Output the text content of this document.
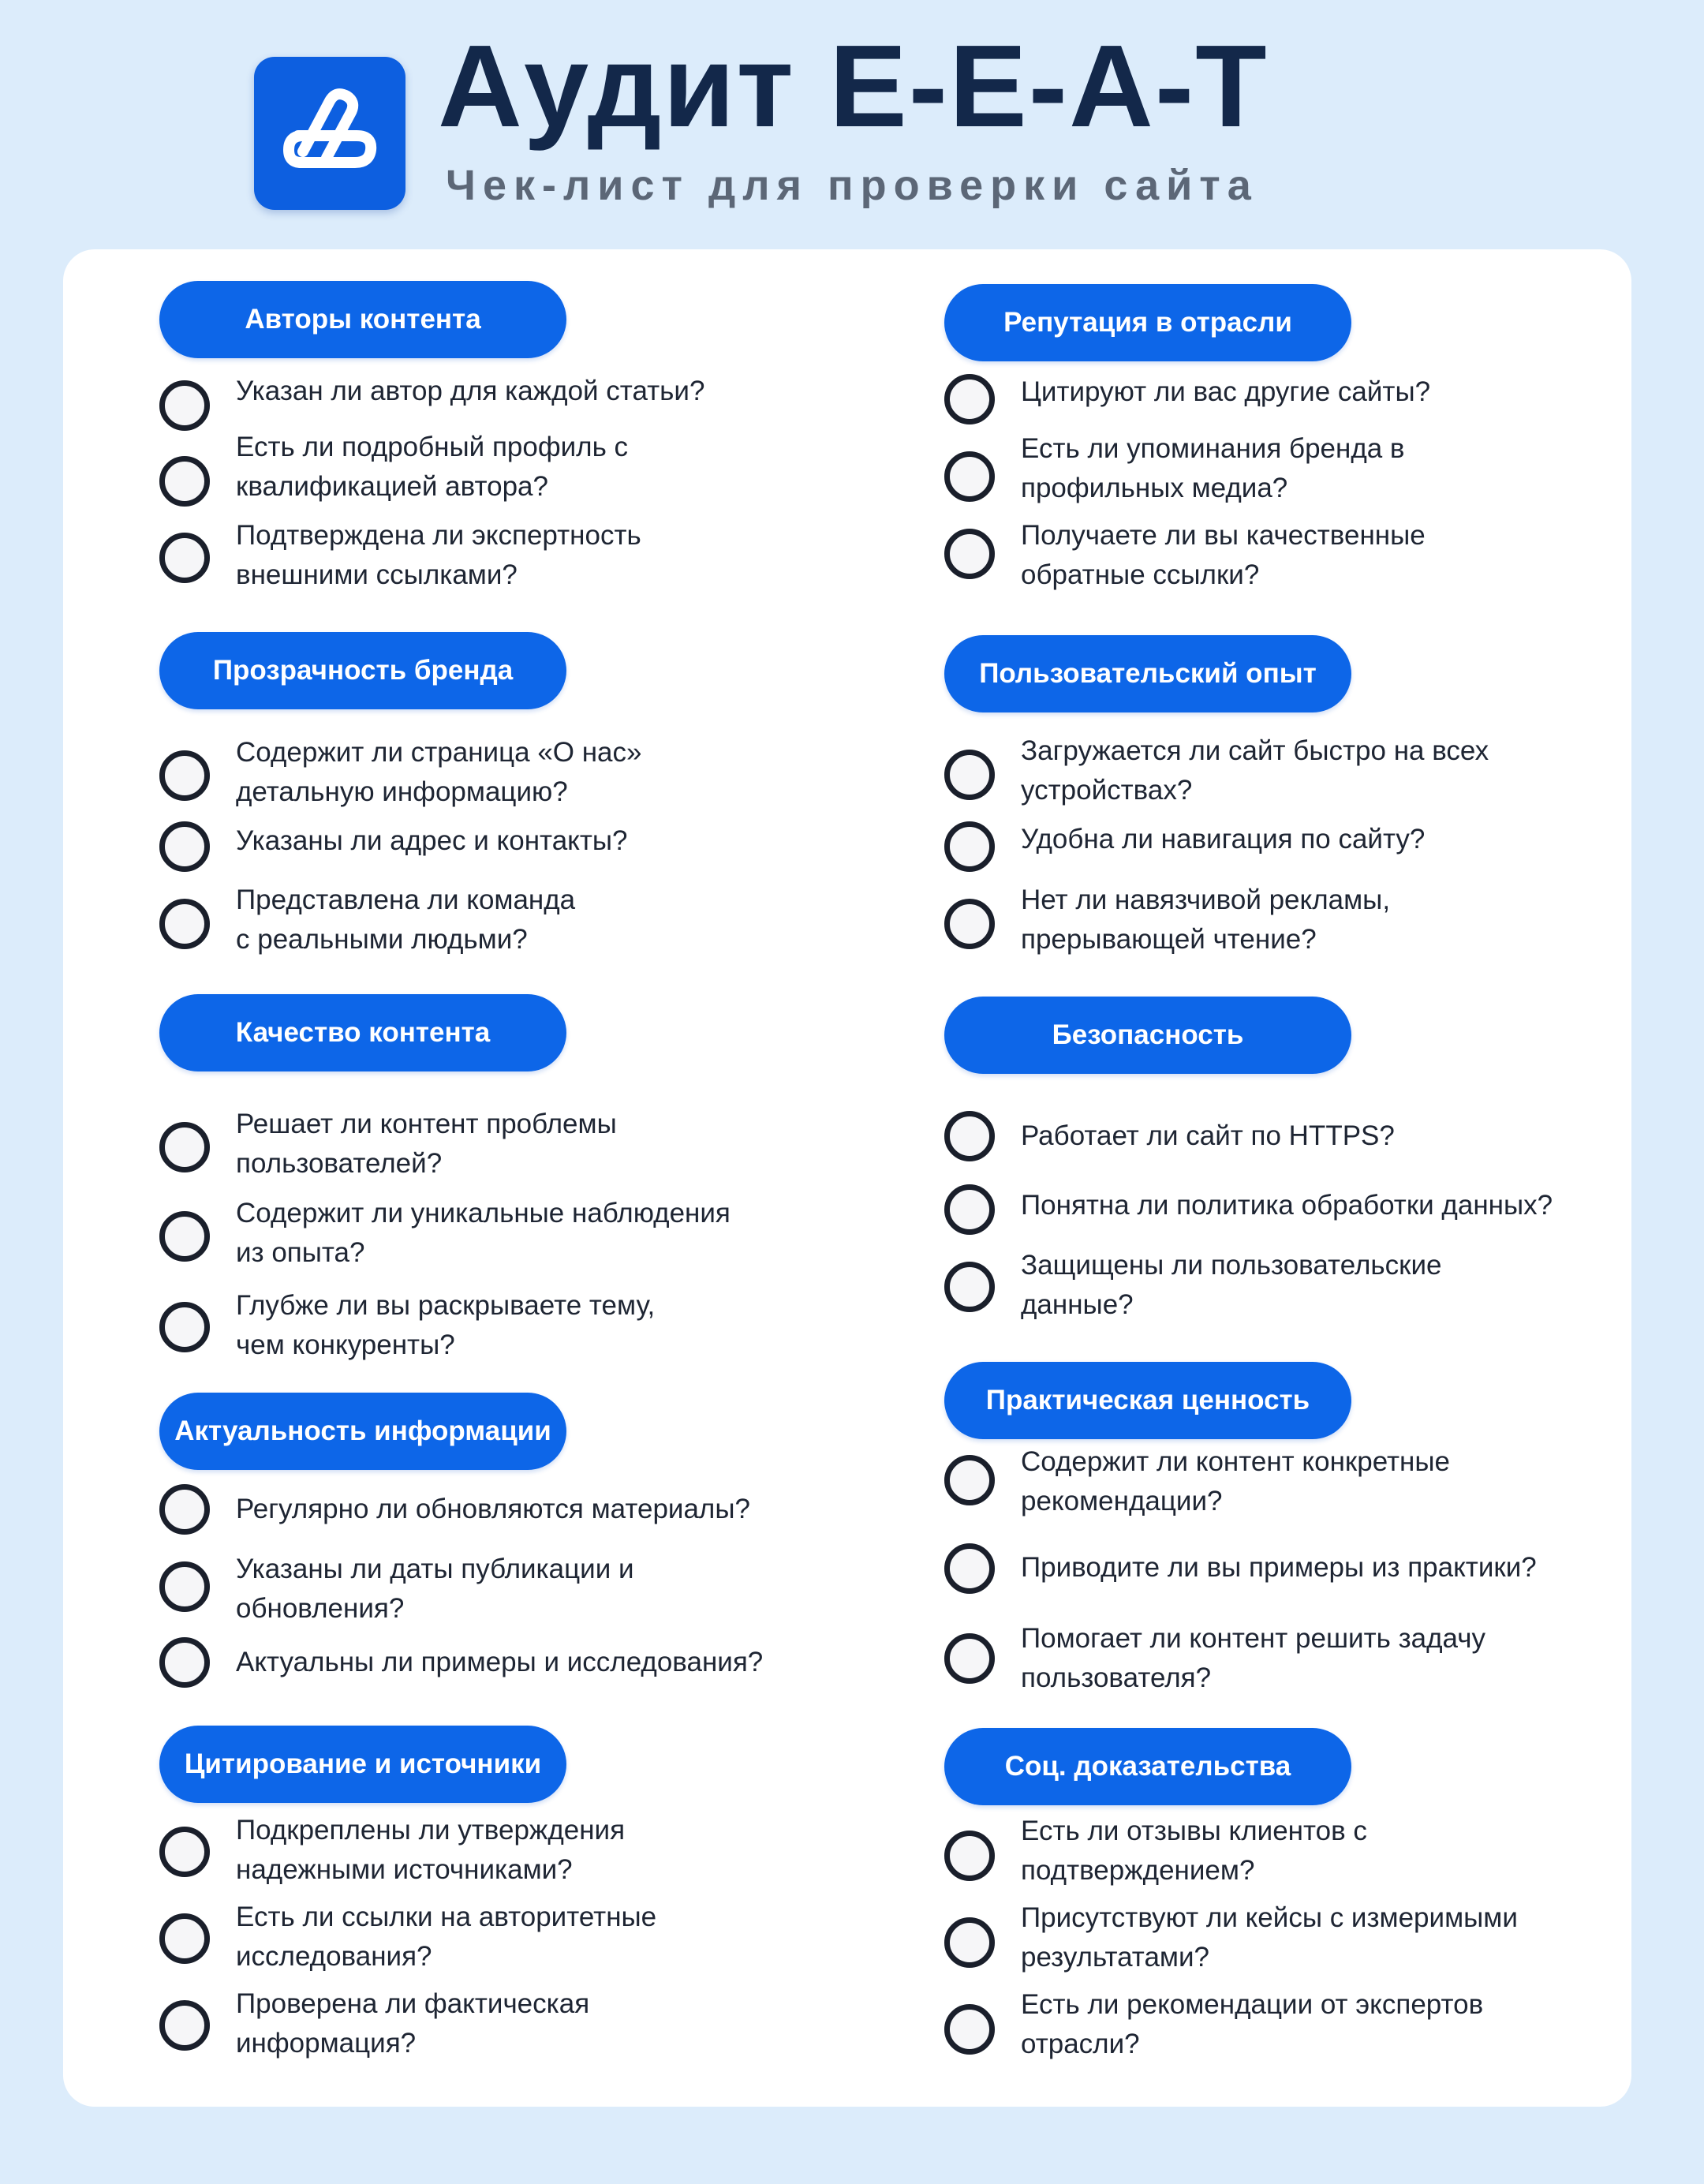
Аудит E-E-A-T
Чек-лист для проверки сайта
Авторы контента
Указан ли автор для каждой статьи?
Есть ли подробный профиль с
квалификацией автора?
Подтверждена ли экспертность
внешними ссылками?
Прозрачность бренда
Содержит ли страница «О нас»
детальную информацию?
Указаны ли адрес и контакты?
Представлена ли команда
с реальными людьми?
Качество контента
Решает ли контент проблемы
пользователей?
Содержит ли уникальные наблюдения
из опыта?
Глубже ли вы раскрываете тему,
чем конкуренты?
Актуальность информации
Регулярно ли обновляются материалы?
Указаны ли даты публикации и
обновления?
Актуальны ли примеры и исследования?
Цитирование и источники
Подкреплены ли утверждения
надежными источниками?
Есть ли ссылки на авторитетные
исследования?
Проверена ли фактическая
информация?
Репутация в отрасли
Цитируют ли вас другие сайты?
Есть ли упоминания бренда в
профильных медиа?
Получаете ли вы качественные
обратные ссылки?
Пользовательский опыт
Загружается ли сайт быстро на всех
устройствах?
Удобна ли навигация по сайту?
Нет ли навязчивой рекламы,
прерывающей чтение?
Безопасность
Работает ли сайт по HTTPS?
Понятна ли политика обработки данных?
Защищены ли пользовательские
данные?
Практическая ценность
Содержит ли контент конкретные
рекомендации?
Приводите ли вы примеры из практики?
Помогает ли контент решить задачу
пользователя?
Соц. доказательства
Есть ли отзывы клиентов с
подтверждением?
Присутствуют ли кейсы с измеримыми
результатами?
Есть ли рекомендации от экспертов
отрасли?
